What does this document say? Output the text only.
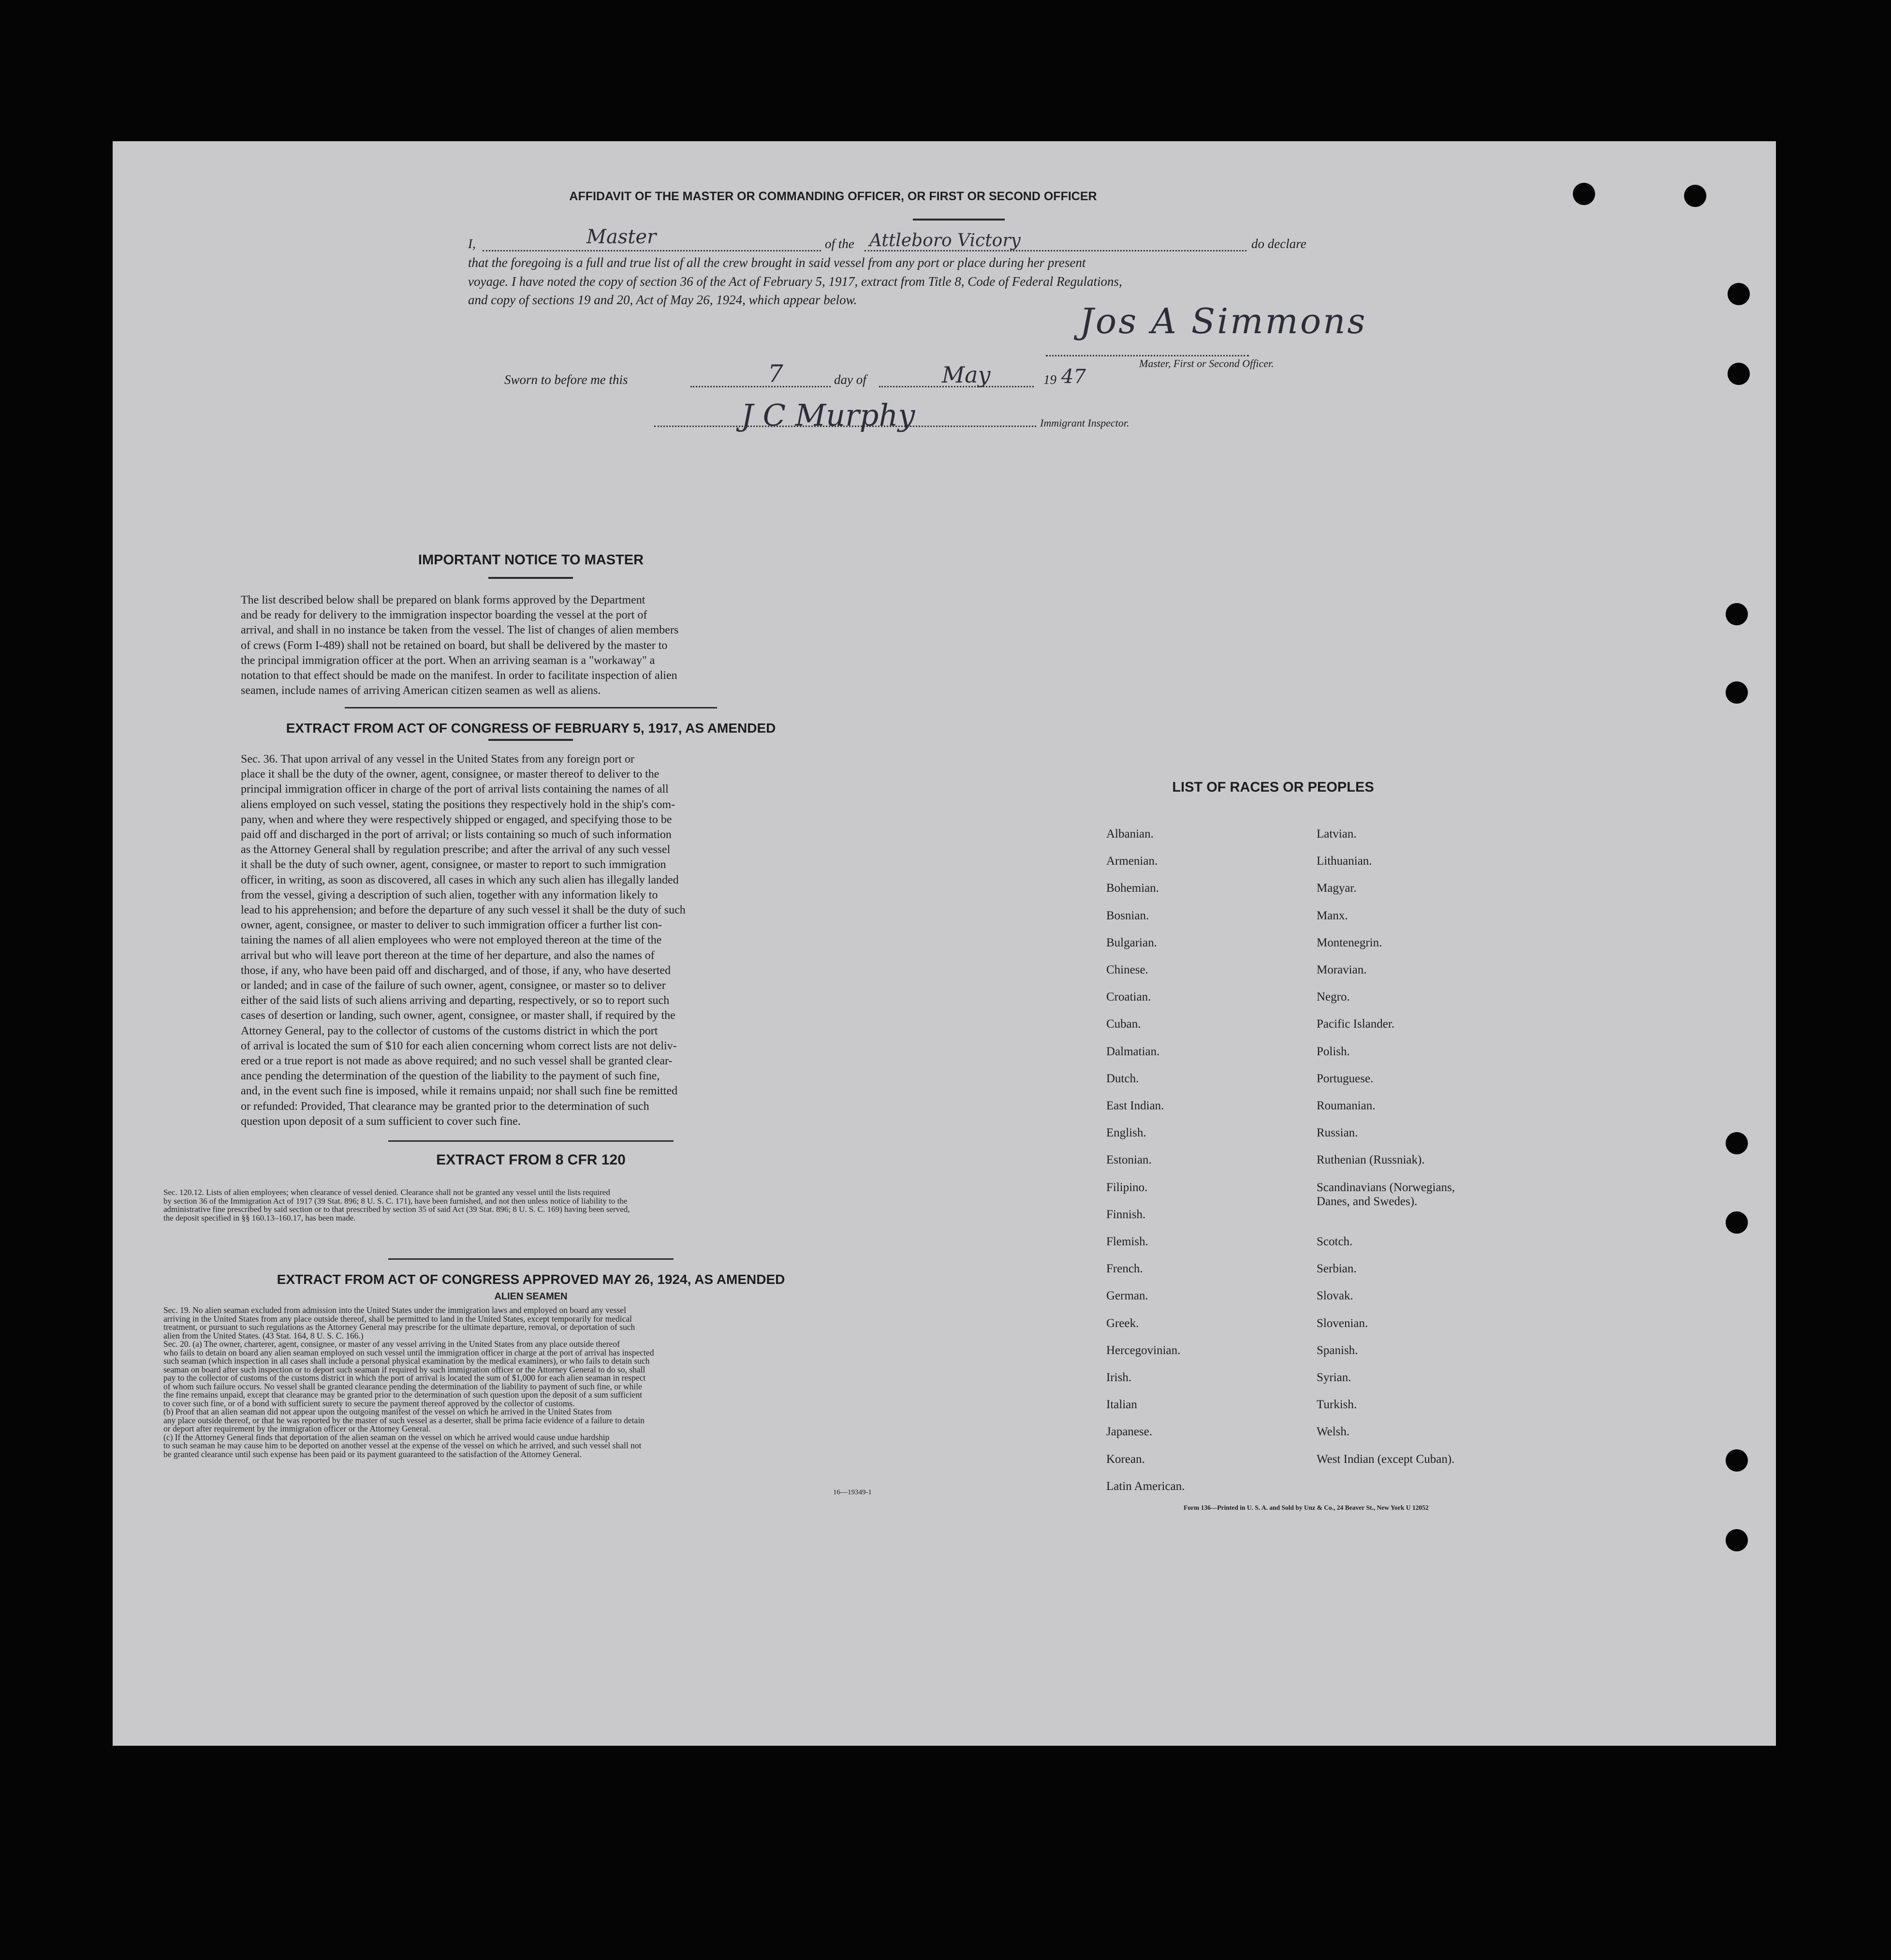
AFFIDAVIT OF THE MASTER OR COMMANDING OFFICER, OR FIRST OR SECOND OFFICER
I,	Master	of the Attleboro Victory	do declare
that the foregoing is a full and true list of all the crew brought in said vessel from any port or place during her present
voyage. I have noted the copy of section 36 of the Act of February 5, 1917, extract from Title 8, Code of Federal Regulations,
and copy of sections 19 and 20, Act of May 26, 1924, which appear below.
Jos A Simmons
Master, First or Second Officer.
Sworn to before me this	7	day of	May	19 47
J C Murphy	Immigrant Inspector.
IMPORTANT NOTICE TO MASTER
The list described below shall be prepared on blank forms approved by the Department
and be ready for delivery to the immigration inspector boarding the vessel at the port of
arrival, and shall in no instance be taken from the vessel. The list of changes of alien members
of crews (Form I-489) shall not be retained on board, but shall be delivered by the master to
the principal immigration officer at the port. When an arriving seaman is a "workaway" a
notation to that effect should be made on the manifest. In order to facilitate inspection of alien
seamen, include names of arriving American citizen seamen as well as aliens.
EXTRACT FROM ACT OF CONGRESS OF FEBRUARY 5, 1917, AS AMENDED
Sec. 36. That upon arrival of any vessel in the United States from any foreign port or
place it shall be the duty of the owner, agent, consignee, or master thereof to deliver to the
principal immigration officer in charge of the port of arrival lists containing the names of all
aliens employed on such vessel, stating the positions they respectively hold in the ship's com-
pany, when and where they were respectively shipped or engaged, and specifying those to be
paid off and discharged in the port of arrival; or lists containing so much of such information
as the Attorney General shall by regulation prescribe; and after the arrival of any such vessel
it shall be the duty of such owner, agent, consignee, or master to report to such immigration
officer, in writing, as soon as discovered, all cases in which any such alien has illegally landed
from the vessel, giving a description of such alien, together with any information likely to
lead to his apprehension; and before the departure of any such vessel it shall be the duty of such
owner, agent, consignee, or master to deliver to such immigration officer a further list con-
taining the names of all alien employees who were not employed thereon at the time of the
arrival but who will leave port thereon at the time of her departure, and also the names of
those, if any, who have been paid off and discharged, and of those, if any, who have deserted
or landed; and in case of the failure of such owner, agent, consignee, or master so to deliver
either of the said lists of such aliens arriving and departing, respectively, or so to report such
cases of desertion or landing, such owner, agent, consignee, or master shall, if required by the
Attorney General, pay to the collector of customs of the customs district in which the port
of arrival is located the sum of $10 for each alien concerning whom correct lists are not deliv-
ered or a true report is not made as above required; and no such vessel shall be granted clear-
ance pending the determination of the question of the liability to the payment of such fine,
and, in the event such fine is imposed, while it remains unpaid; nor shall such fine be remitted
or refunded: Provided, That clearance may be granted prior to the determination of such
question upon deposit of a sum sufficient to cover such fine.
EXTRACT FROM 8 CFR 120
Sec. 120.12. Lists of alien employees; when clearance of vessel denied. Clearance shall not be granted any vessel until the lists required
by section 36 of the Immigration Act of 1917 (39 Stat. 896; 8 U. S. C. 171), have been furnished, and not then unless notice of liability to the
administrative fine prescribed by said section or to that prescribed by section 35 of said Act (39 Stat. 896; 8 U. S. C. 169) having been served,
the deposit specified in §§ 160.13–160.17, has been made.
EXTRACT FROM ACT OF CONGRESS APPROVED MAY 26, 1924, AS AMENDED
ALIEN SEAMEN
Sec. 19. No alien seaman excluded from admission into the United States under the immigration laws and employed on board any vessel
arriving in the United States from any place outside thereof, shall be permitted to land in the United States, except temporarily for medical
treatment, or pursuant to such regulations as the Attorney General may prescribe for the ultimate departure, removal, or deportation of such
alien from the United States. (43 Stat. 164, 8 U. S. C. 166.)
Sec. 20. (a) The owner, charterer, agent, consignee, or master of any vessel arriving in the United States from any place outside thereof
who fails to detain on board any alien seaman employed on such vessel until the immigration officer in charge at the port of arrival has inspected
such seaman (which inspection in all cases shall include a personal physical examination by the medical examiners), or who fails to detain such
seaman on board after such inspection or to deport such seaman if required by such immigration officer or the Attorney General to do so, shall
pay to the collector of customs of the customs district in which the port of arrival is located the sum of $1,000 for each alien seaman in respect
of whom such failure occurs. No vessel shall be granted clearance pending the determination of the liability to payment of such fine, or while
the fine remains unpaid, except that clearance may be granted prior to the determination of such question upon the deposit of a sum sufficient
to cover such fine, or of a bond with sufficient surety to secure the payment thereof approved by the collector of customs.
(b) Proof that an alien seaman did not appear upon the outgoing manifest of the vessel on which he arrived in the United States from
any place outside thereof, or that he was reported by the master of such vessel as a deserter, shall be prima facie evidence of a failure to detain
or deport after requirement by the immigration officer or the Attorney General.
(c) If the Attorney General finds that deportation of the alien seaman on the vessel on which he arrived would cause undue hardship
to such seaman he may cause him to be deported on another vessel at the expense of the vessel on which he arrived, and such vessel shall not
be granted clearance until such expense has been paid or its payment guaranteed to the satisfaction of the Attorney General.
16—19349-1
LIST OF RACES OR PEOPLES
Albanian.
Armenian.
Bohemian.
Bosnian.
Bulgarian.
Chinese.
Croatian.
Cuban.
Dalmatian.
Dutch.
East Indian.
English.
Estonian.
Filipino.
Finnish.
Flemish.
French.
German.
Greek.
Hercegovinian.
Irish.
Italian
Japanese.
Korean.
Latin American.
Latvian.
Lithuanian.
Magyar.
Manx.
Montenegrin.
Moravian.
Negro.
Pacific Islander.
Polish.
Portuguese.
Roumanian.
Russian.
Ruthenian (Russniak).
Scandinavians (Norwegians,
Danes, and Swedes).
Scotch.
Serbian.
Slovak.
Slovenian.
Spanish.
Syrian.
Turkish.
Welsh.
West Indian (except Cuban).
Form 136—Printed in U. S. A. and Sold by Unz & Co., 24 Beaver St., New York U 12052
